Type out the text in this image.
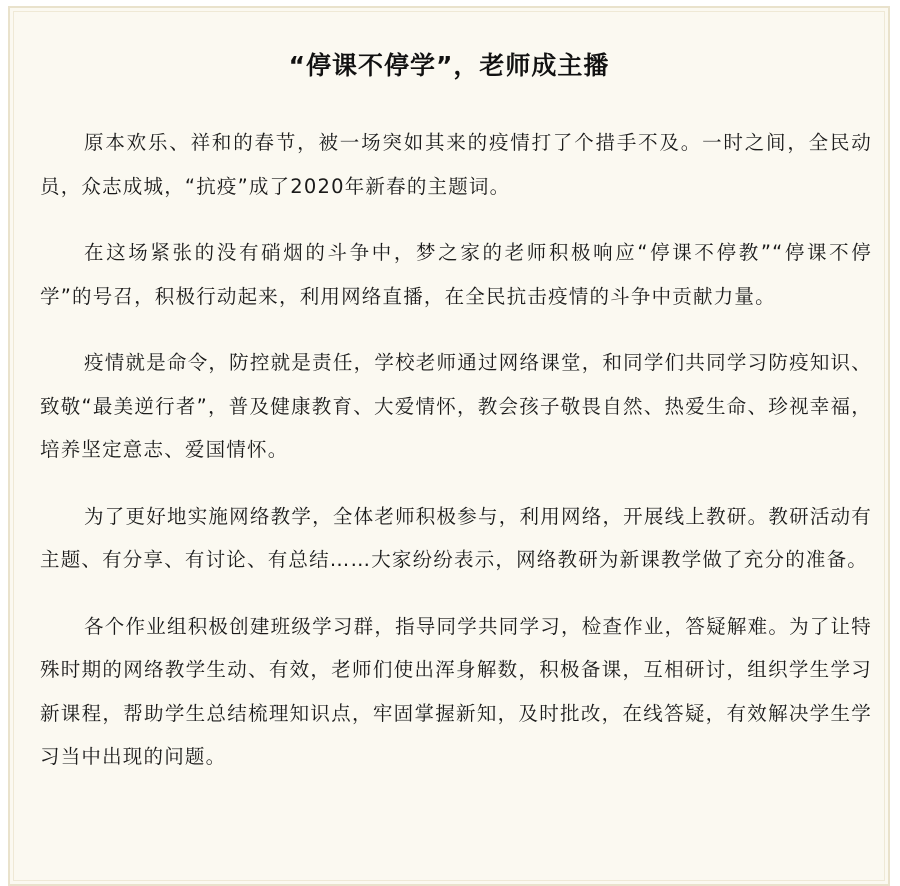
“停课不停学”，老师成主播

原本欢乐、祥和的春节，被一场突如其来的疫情打了个措手不及。一时之间，全民动员，众志成城，“抗疫”成了2020年新春的主题词。

在这场紧张的没有硝烟的斗争中，梦之家的老师积极响应“停课不停教”“停课不停学”的号召，积极行动起来，利用网络直播，在全民抗击疫情的斗争中贡献力量。

疫情就是命令，防控就是责任，学校老师通过网络课堂，和同学们共同学习防疫知识、致敬“最美逆行者”，普及健康教育、大爱情怀，教会孩子敬畏自然、热爱生命、珍视幸福，培养坚定意志、爱国情怀。

为了更好地实施网络教学，全体老师积极参与，利用网络，开展线上教研。教研活动有主题、有分享、有讨论、有总结……大家纷纷表示，网络教研为新课教学做了充分的准备。

各个作业组积极创建班级学习群，指导同学共同学习，检查作业，答疑解难。为了让特殊时期的网络教学生动、有效，老师们使出浑身解数，积极备课，互相研讨，组织学生学习新课程，帮助学生总结梳理知识点，牢固掌握新知，及时批改，在线答疑，有效解决学生学习当中出现的问题。
